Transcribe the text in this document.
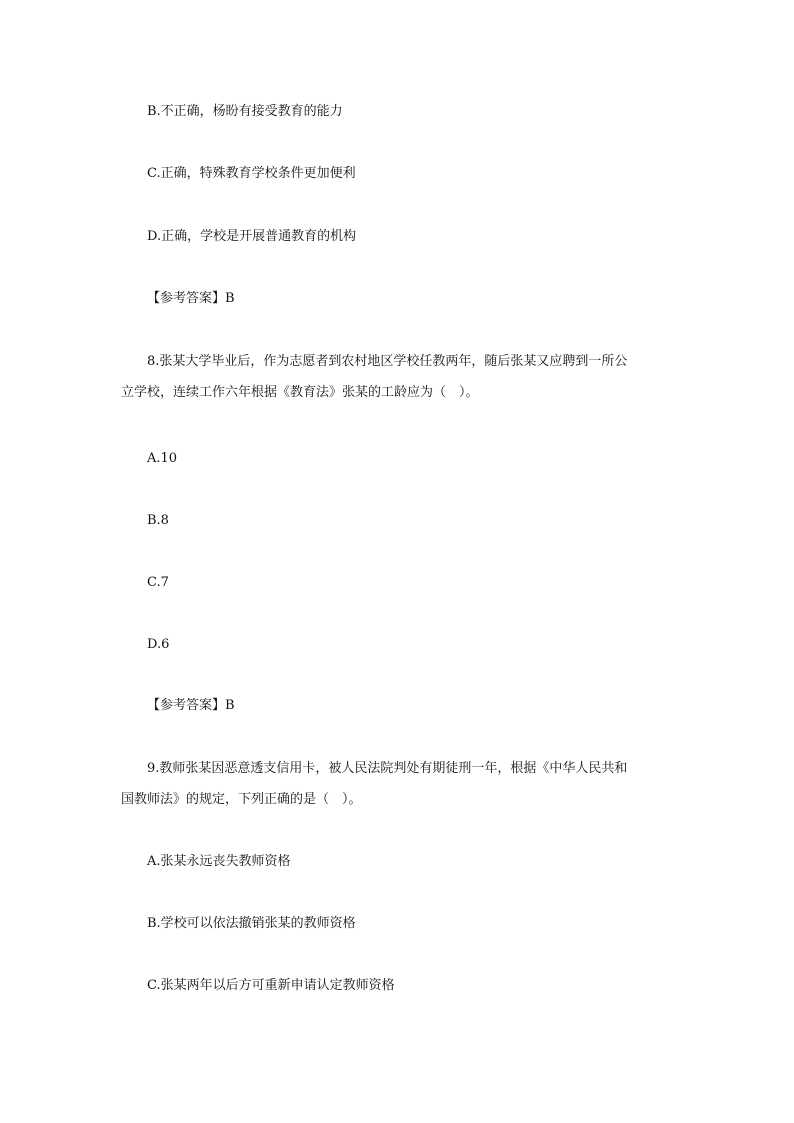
B.不正确，杨盼有接受教育的能力

C.正确，特殊教育学校条件更加便利

D.正确，学校是开展普通教育的机构

【参考答案】B

8.张某大学毕业后，作为志愿者到农村地区学校任教两年，随后张某又应聘到一所公

立学校，连续工作六年根据《教育法》张某的工龄应为（　）。

A.10

B.8

C.7

D.6

【参考答案】B

9.教师张某因恶意透支信用卡，被人民法院判处有期徒刑一年，根据《中华人民共和

国教师法》的规定，下列正确的是（　）。

A.张某永远丧失教师资格

B.学校可以依法撤销张某的教师资格

C.张某两年以后方可重新申请认定教师资格
